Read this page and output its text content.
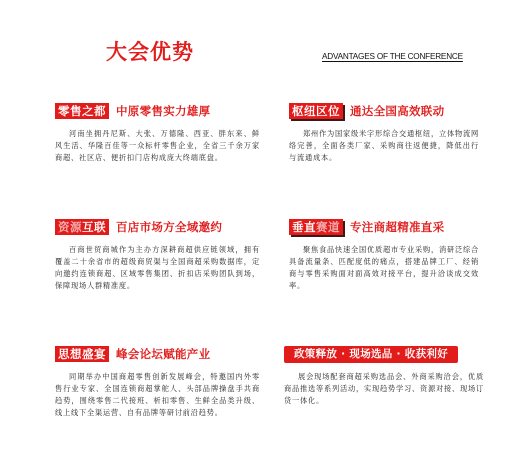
大会优势	ADVANTAGES OF THE CONFERENCE
零售之都 中原零售实力雄厚
河南坐拥丹尼斯、大张、万德隆、西亚、胖东来、鲜风生活、华隆百佳等一众标杆零售企业，全省三千余万家商超、社区店、便折扣门店构成庞大终端底盘。
枢纽区位 通达全国高效联动
郑州作为国家级米字形综合交通枢纽，立体物流网络完善，全面各类厂家、采购商往返便捷，降低出行与流通成本。
资源互联 百店市场方全域邀约
百商世贸商城作为主办方深耕商超供应链领域，拥有覆盖二十余省市的超级商贸渠与全国商超采购数据库，定向邀约连锁商超、区域零售集团、折扣店采购团队到场，保障现场人群精准度。
垂直赛道 专注商超精准直采
聚焦食品快速全国优质超市专业采购，消研泛综合具备流量条、匹配度低的痛点，搭建品牌工厂、经销商与零售采购面对面高效对接平台，提升洽谈成交效率。
思想盛宴 峰会论坛赋能产业
同期举办中国商超零售创新发展峰会，特邀国内外零售行业专家、全国连锁商超掌舵人、头部品牌操盘手共商趋势，围绕零售二代接班、析扣零售、生鲜全品类升级、线上线下全渠运营、自有品牌等研讨前沿趋势。
政策释放 · 现场选品 · 收获利好
展会现场配套商超采购选品会、外商采购洽会，优质商品推选等系列活动，实现趋势学习、资源对接、现场订货一体化。
